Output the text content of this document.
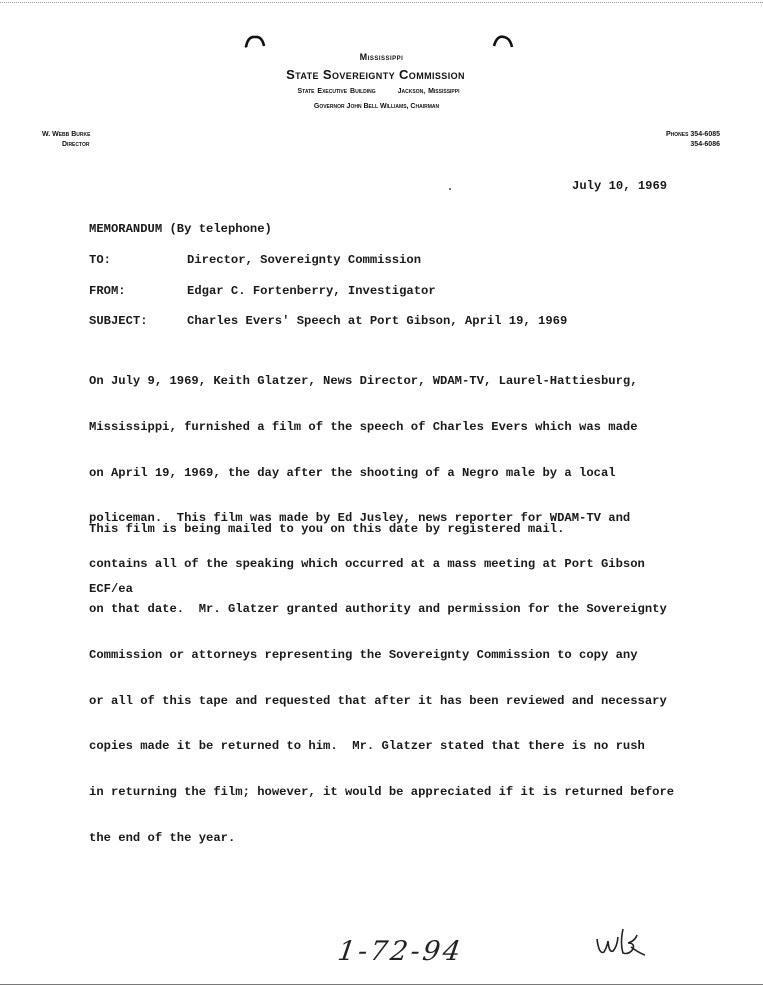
Mississippi
State Sovereignty Commission
State Executive Building	Jackson, Mississippi
Governor John Bell Williams, Chairman
W. Webb Burke
Director
Phones 354-6085
354-6086
July 10, 1969
MEMORANDUM (By telephone)
TO:	Director, Sovereignty Commission
FROM:	Edgar C. Fortenberry, Investigator
SUBJECT:	Charles Evers' Speech at Port Gibson, April 19, 1969

On July 9, 1969, Keith Glatzer, News Director, WDAM-TV, Laurel-Hattiesburg,

Mississippi, furnished a film of the speech of Charles Evers which was made

on April 19, 1969, the day after the shooting of a Negro male by a local

policeman.  This film was made by Ed Jusley, news reporter for WDAM-TV and

contains all of the speaking which occurred at a mass meeting at Port Gibson

on that date.  Mr. Glatzer granted authority and permission for the Sovereignty

Commission or attorneys representing the Sovereignty Commission to copy any

or all of this tape and requested that after it has been reviewed and necessary

copies made it be returned to him.  Mr. Glatzer stated that there is no rush

in returning the film; however, it would be appreciated if it is returned before

the end of the year.

This film is being mailed to you on this date by registered mail.
ECF/ea
1-72-94
